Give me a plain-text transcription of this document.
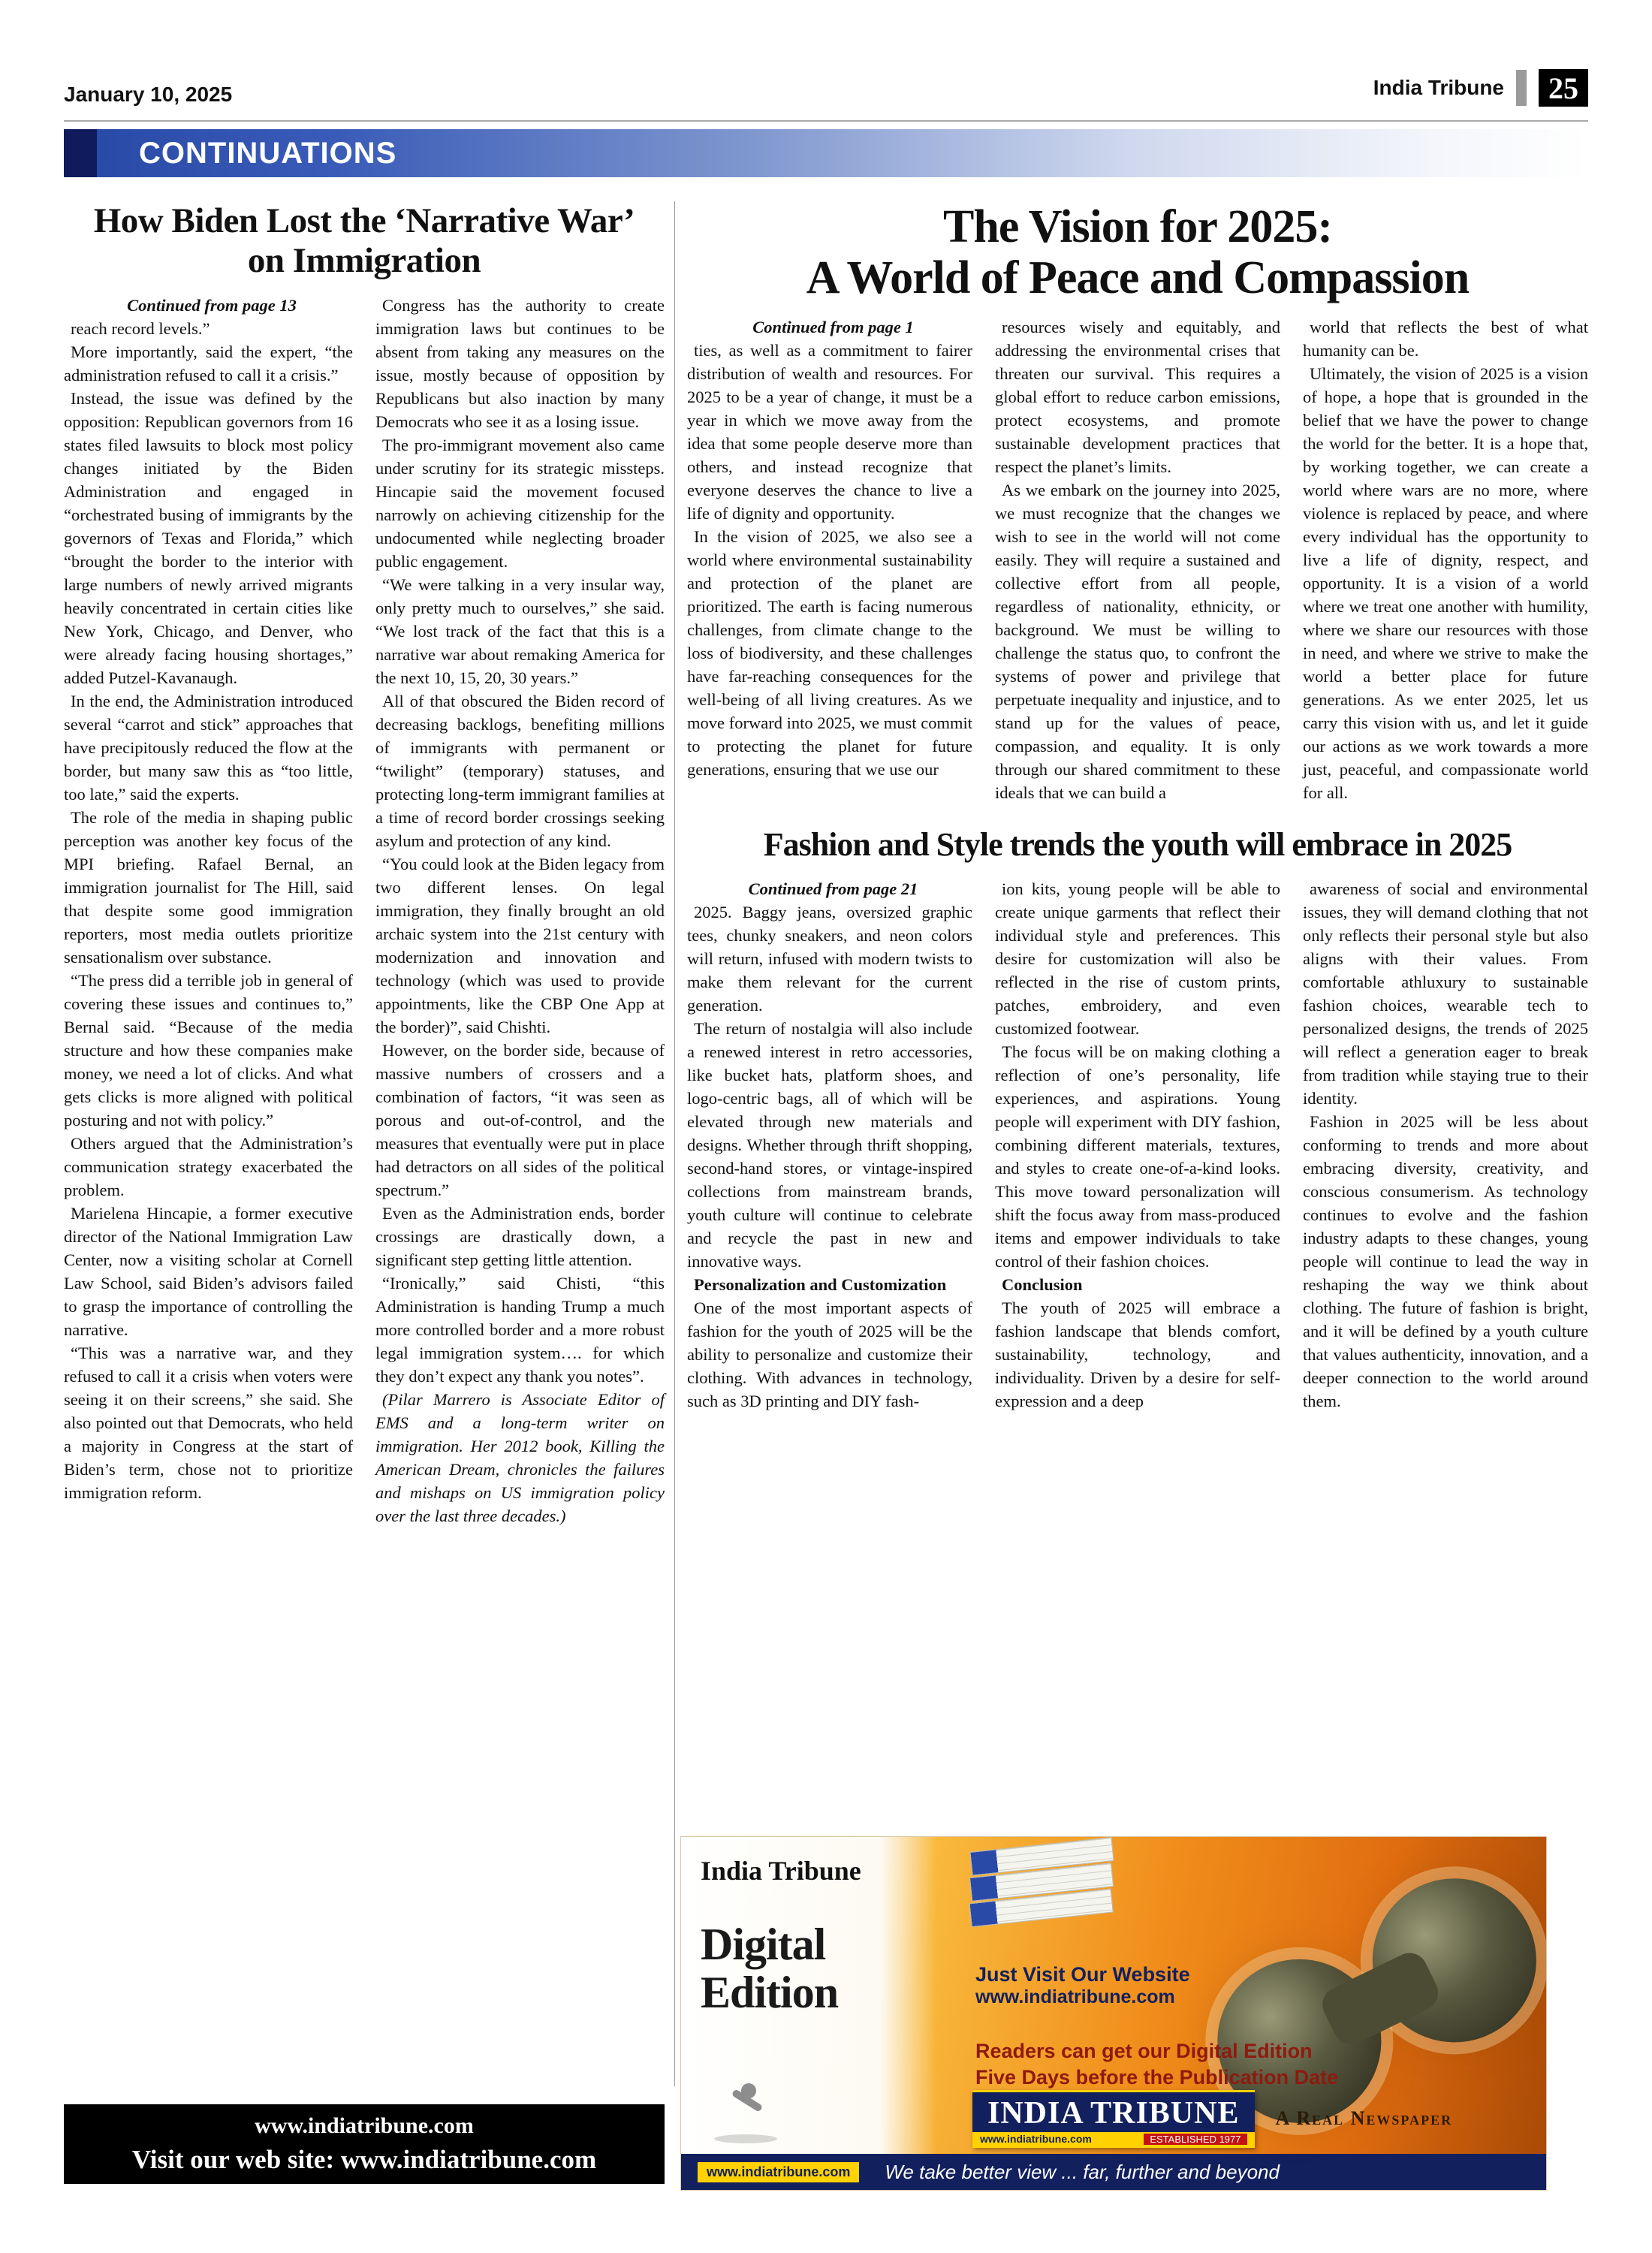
January 10, 2025	India Tribune	25
CONTINUATIONS
How Biden Lost the ‘Narrative War’
on Immigration

Continued from page 13

reach record levels.”

More importantly, said the expert, “the administration refused to call it a crisis.”

Instead, the issue was defined by the opposition: Republican governors from 16 states filed lawsuits to block most policy changes initiated by the Biden Administration and engaged in “orchestrated busing of immigrants by the governors of Texas and Florida,” which “brought the border to the interior with large numbers of newly arrived migrants heavily concentrated in certain cities like New York, Chicago, and Denver, who were already facing housing shortages,” added Putzel-Kavanaugh.

In the end, the Administration introduced several “carrot and stick” approaches that have precipitously reduced the flow at the border, but many saw this as “too little, too late,” said the experts.

The role of the media in shaping public perception was another key focus of the MPI briefing. Rafael Bernal, an immigration journalist for The Hill, said that despite some good immigration reporters, most media outlets prioritize sensationalism over substance.

“The press did a terrible job in general of covering these issues and continues to,” Bernal said. “Because of the media structure and how these companies make money, we need a lot of clicks. And what gets clicks is more aligned with political posturing and not with policy.”

Others argued that the Administration’s communication strategy exacerbated the problem.

Marielena Hincapie, a former executive director of the National Immigration Law Center, now a visiting scholar at Cornell Law School, said Biden’s advisors failed to grasp the importance of controlling the narrative.

“This was a narrative war, and they refused to call it a crisis when voters were seeing it on their screens,” she said. She also pointed out that Democrats, who held a majority in Congress at the start of Biden’s term, chose not to prioritize immigration reform.

Congress has the authority to create immigration laws but continues to be absent from taking any measures on the issue, mostly because of opposition by Republicans but also inaction by many Democrats who see it as a losing issue.

The pro-immigrant movement also came under scrutiny for its strategic missteps. Hincapie said the movement focused narrowly on achieving citizenship for the undocumented while neglecting broader public engagement.

“We were talking in a very insular way, only pretty much to ourselves,” she said. “We lost track of the fact that this is a narrative war about remaking America for the next 10, 15, 20, 30 years.”

All of that obscured the Biden record of decreasing backlogs, benefiting millions of immigrants with permanent or “twilight” (temporary) statuses, and protecting long-term immigrant families at a time of record border crossings seeking asylum and protection of any kind.

“You could look at the Biden legacy from two different lenses. On legal immigration, they finally brought an old archaic system into the 21st century with modernization and innovation and technology (which was used to provide appointments, like the CBP One App at the border)”, said Chishti.

However, on the border side, because of massive numbers of crossers and a combination of factors, “it was seen as porous and out-of-control, and the measures that eventually were put in place had detractors on all sides of the political spectrum.”

Even as the Administration ends, border crossings are drastically down, a significant step getting little attention.

“Ironically,” said Chisti, “this Administration is handing Trump a much more controlled border and a more robust legal immigration system…. for which they don’t expect any thank you notes”.

(Pilar Marrero is Associate Editor of EMS and a long-term writer on immigration. Her 2012 book, Killing the American Dream, chronicles the failures and mishaps on US immigration policy over the last three decades.)

The Vision for 2025:
A World of Peace and Compassion

Continued from page 1

ties, as well as a commitment to fairer distribution of wealth and resources. For 2025 to be a year of change, it must be a year in which we move away from the idea that some people deserve more than others, and instead recognize that everyone deserves the chance to live a life of dignity and opportunity.

In the vision of 2025, we also see a world where environmental sustainability and protection of the planet are prioritized. The earth is facing numerous challenges, from climate change to the loss of biodiversity, and these challenges have far-reaching consequences for the well-being of all living creatures. As we move forward into 2025, we must commit to protecting the planet for future generations, ensuring that we use our

resources wisely and equitably, and addressing the environmental crises that threaten our survival. This requires a global effort to reduce carbon emissions, protect ecosystems, and promote sustainable development practices that respect the planet’s limits.

As we embark on the journey into 2025, we must recognize that the changes we wish to see in the world will not come easily. They will require a sustained and collective effort from all people, regardless of nationality, ethnicity, or background. We must be willing to challenge the status quo, to confront the systems of power and privilege that perpetuate inequality and injustice, and to stand up for the values of peace, compassion, and equality. It is only through our shared commitment to these ideals that we can build a

world that reflects the best of what humanity can be.

Ultimately, the vision of 2025 is a vision of hope, a hope that is grounded in the belief that we have the power to change the world for the better. It is a hope that, by working together, we can create a world where wars are no more, where violence is replaced by peace, and where every individual has the opportunity to live a life of dignity, respect, and opportunity. It is a vision of a world where we treat one another with humility, where we share our resources with those in need, and where we strive to make the world a better place for future generations. As we enter 2025, let us carry this vision with us, and let it guide our actions as we work towards a more just, peaceful, and compassionate world for all.

Fashion and Style trends the youth will embrace in 2025

Continued from page 21

2025. Baggy jeans, oversized graphic tees, chunky sneakers, and neon colors will return, infused with modern twists to make them relevant for the current generation.

The return of nostalgia will also include a renewed interest in retro accessories, like bucket hats, platform shoes, and logo-centric bags, all of which will be elevated through new materials and designs. Whether through thrift shopping, second-hand stores, or vintage-inspired collections from mainstream brands, youth culture will continue to celebrate and recycle the past in new and innovative ways.

Personalization and Customization

One of the most important aspects of fashion for the youth of 2025 will be the ability to personalize and customize their clothing. With advances in technology, such as 3D printing and DIY fash-

ion kits, young people will be able to create unique garments that reflect their individual style and preferences. This desire for customization will also be reflected in the rise of custom prints, patches, embroidery, and even customized footwear.

The focus will be on making clothing a reflection of one’s personality, life experiences, and aspirations. Young people will experiment with DIY fashion, combining different materials, textures, and styles to create one-of-a-kind looks. This move toward personalization will shift the focus away from mass-produced items and empower individuals to take control of their fashion choices.

Conclusion

The youth of 2025 will embrace a fashion landscape that blends comfort, sustainability, technology, and individuality. Driven by a desire for self-expression and a deep

awareness of social and environmental issues, they will demand clothing that not only reflects their personal style but also aligns with their values. From comfortable athluxury to sustainable fashion choices, wearable tech to personalized designs, the trends of 2025 will reflect a generation eager to break from tradition while staying true to their identity.

Fashion in 2025 will be less about conforming to trends and more about embracing diversity, creativity, and conscious consumerism. As technology continues to evolve and the fashion industry adapts to these changes, young people will continue to lead the way in reshaping the way we think about clothing. The future of fashion is bright, and it will be defined by a youth culture that values authenticity, innovation, and a deeper connection to the world around them.

India Tribune
Digital
Edition	Just Visit Our Website
www.indiatribune.com
Readers can get our Digital Edition
Five Days before the Publication Date
INDIA TRIBUNE
www.indiatribune.com	ESTABLISHED 1977
A Real Newspaper
www.indiatribune.com	We take better view ... far, further and beyond
www.indiatribune.com
Visit our web site: www.indiatribune.com
